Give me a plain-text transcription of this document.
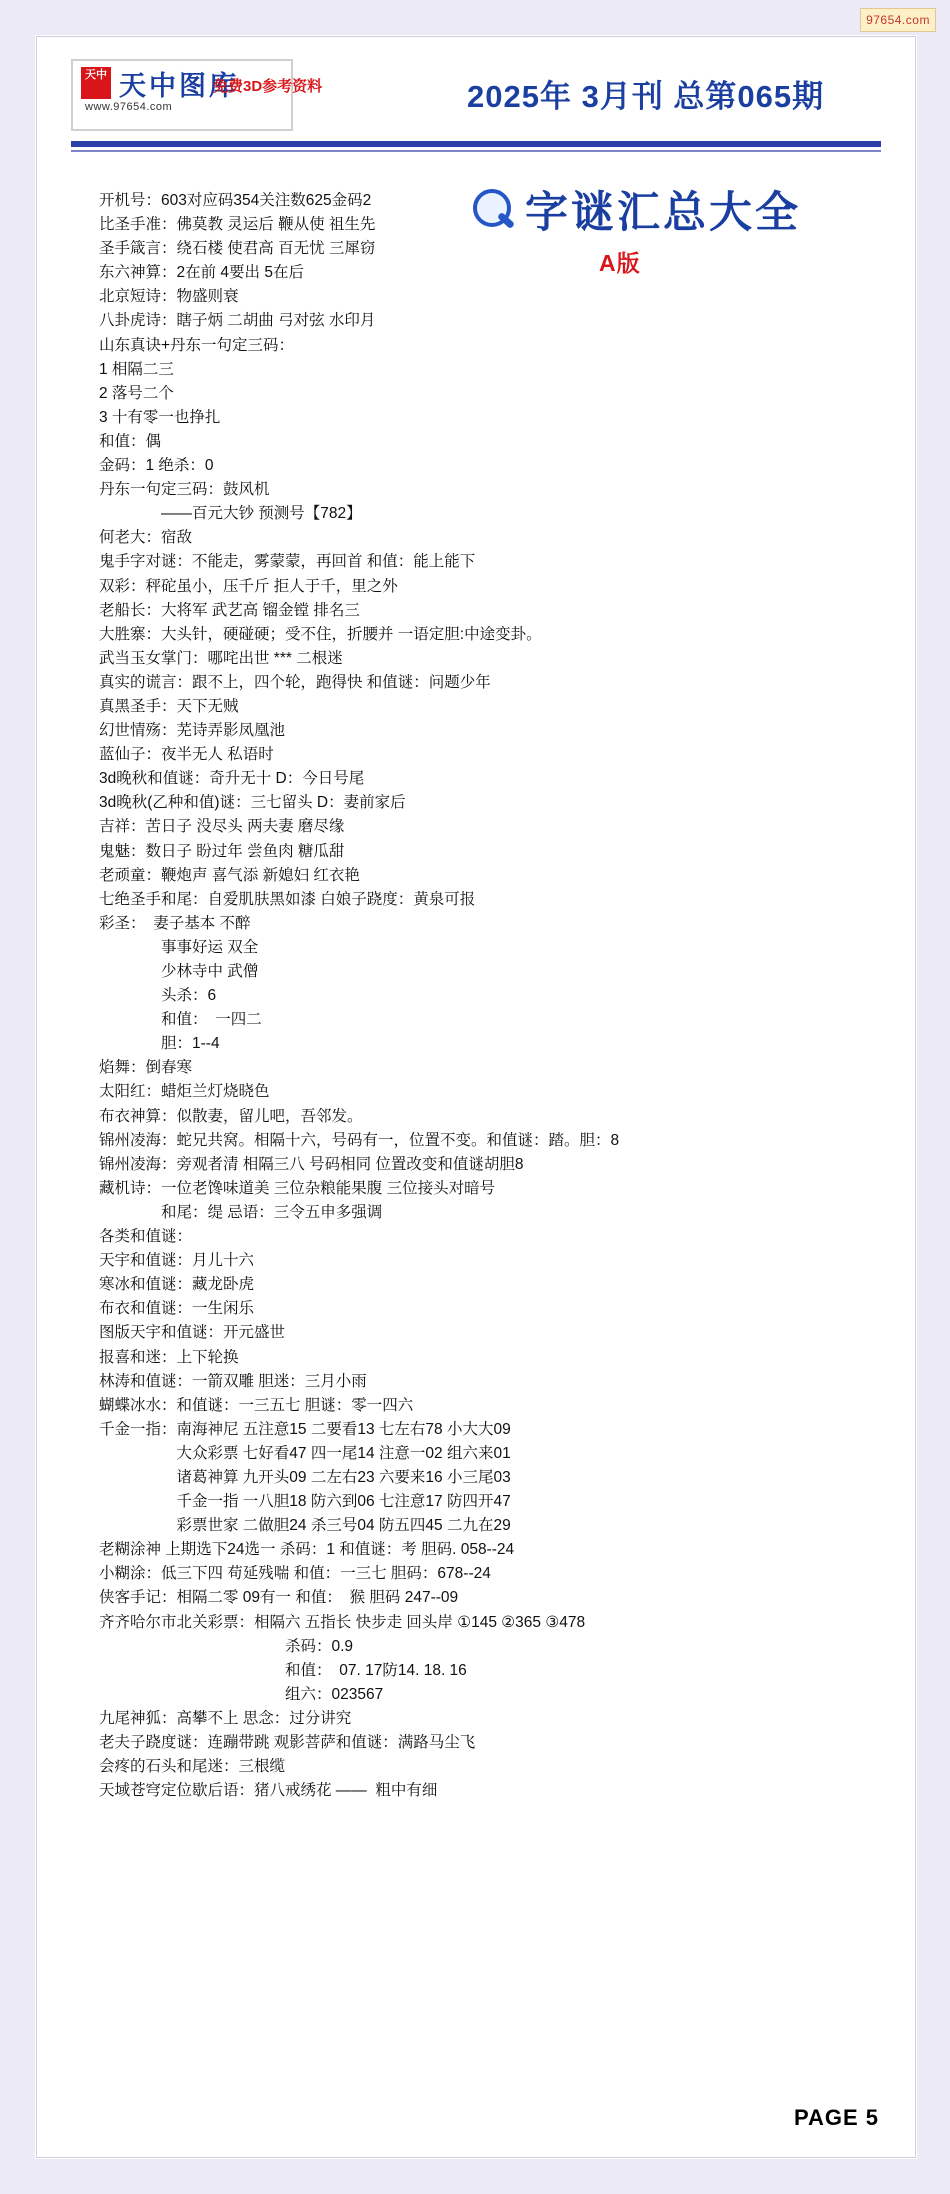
97654.com
天中 天中图库
www.97654.com
免费3D参考资料	2025年 3月刊 总第065期
字谜汇总大全
A版
开机号：603对应码354关注数625金码2
比圣手准：佛莫教 灵运后 鞭从使 祖生先
圣手箴言：绕石楼 使君高 百无忧 三犀窃
东六神算：2在前 4要出 5在后
北京短诗：物盛则衰
八卦虎诗：瞎子炳 二胡曲 弓对弦 水印月
山东真诀+丹东一句定三码：
1 相隔二三
2 落号二个
3 十有零一也挣扎
和值：偶
金码：1 绝杀：0
丹东一句定三码：鼓风机
　　　　——百元大钞 预测号【782】
何老大：宿敌
鬼手字对谜：不能走，雾蒙蒙，再回首 和值：能上能下
双彩：秤砣虽小，压千斤 拒人于千，里之外
老船长：大将军 武艺高 镏金镗 排名三
大胜寨：大头针，硬碰硬；受不住，折腰并 一语定胆:中途变卦。
武当玉女掌门：哪咤出世 *** 二根迷
真实的谎言：跟不上，四个轮，跑得快 和值谜：问题少年
真黑圣手：天下无贼
幻世情殇：芜诗弄影凤凰池
蓝仙子：夜半无人 私语时
3d晚秋和值谜：奇升无十 D：今日号尾
3d晚秋(乙种和值)谜：三七留头 D：妻前家后
吉祥：苦日子 没尽头 两夫妻 磨尽缘
鬼魅：数日子 盼过年 尝鱼肉 糖瓜甜
老顽童：鞭炮声 喜气添 新媳妇 红衣艳
七绝圣手和尾：自爱肌肤黑如漆 白娘子跷度：黄泉可报
彩圣：　妻子基本 不醉
　　　　事事好运 双全
　　　　少林寺中 武僧
　　　　头杀：6
　　　　和值：　一四二
　　　　胆：1--4
焰舞：倒春寒
太阳红：蜡炬兰灯烧晓色
布衣神算：似散妻，留儿吧，吾邻发。
锦州凌海：蛇兄共窝。相隔十六，号码有一，位置不变。和值谜：踏。胆：8
锦州凌海：旁观者清 相隔三八 号码相同 位置改变和值谜胡胆8
藏机诗：一位老馋味道美 三位杂粮能果腹 三位接头对暗号
　　　　和尾：缇 忌语：三令五申多强调
各类和值谜：
天宇和值谜：月儿十六
寒冰和值谜：藏龙卧虎
布衣和值谜：一生闲乐
图版天宇和值谜：开元盛世
报喜和迷：上下轮换
林涛和值谜：一箭双雕 胆迷：三月小雨
蝴蝶冰水：和值谜：一三五七 胆谜：零一四六
千金一指：南海神尼 五注意15 二要看13 七左右78 小大大09
　　　　　大众彩票 七好看47 四一尾14 注意一02 组六来01
　　　　　诸葛神算 九开头09 二左右23 六要来16 小三尾03
　　　　　千金一指 一八胆18 防六到06 七注意17 防四开47
　　　　　彩票世家 二做胆24 杀三号04 防五四45 二九在29
老糊涂神 上期选下24选一 杀码：1 和值谜：考 胆码. 058--24
小糊涂：低三下四 苟延残喘 和值：一三七 胆码：678--24
侠客手记：相隔二零 09有一 和值：　猴 胆码 247--09
齐齐哈尔市北关彩票：相隔六 五指长 快步走 回头岸 ①145 ②365 ③478
　　　　　　　　　　　　杀码：0.9
　　　　　　　　　　　　和值：　07. 17防14. 18. 16
　　　　　　　　　　　　组六：023567
九尾神狐：高攀不上 思念：过分讲究
老夫子跷度谜：连蹦带跳 观影菩萨和值谜：满路马尘飞
会疼的石头和尾迷：三根缆
天域苍穹定位歇后语：猪八戒绣花 ——  粗中有细
PAGE 5
